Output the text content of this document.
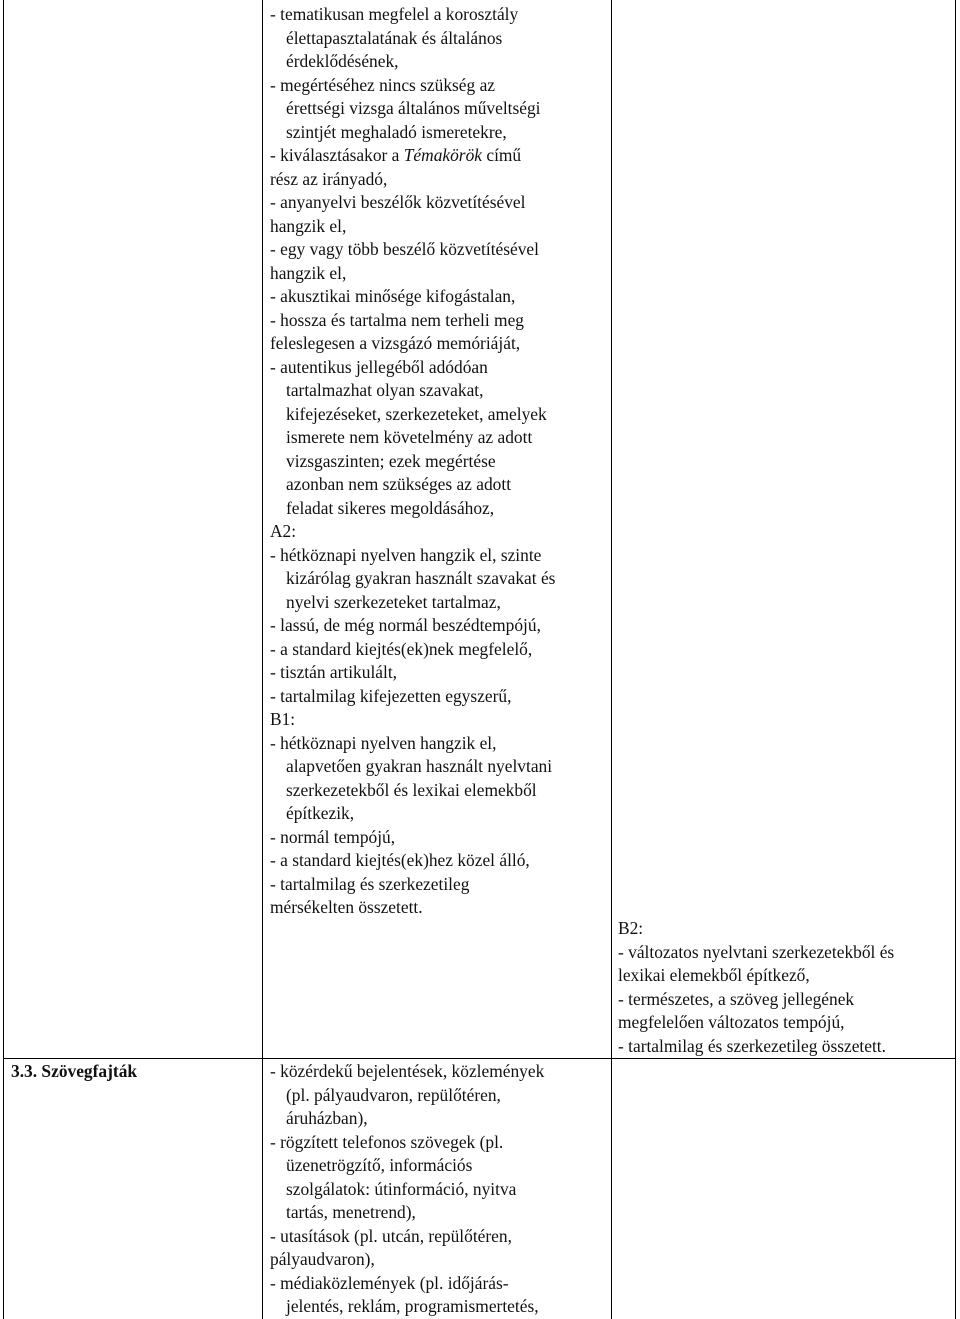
- tematikusan megfelel a korosztály
élettapasztalatának és általános
érdeklődésének,
- megértéséhez nincs szükség az
érettségi vizsga általános műveltségi
szintjét meghaladó ismeretekre,
- kiválasztásakor a Témakörök című
rész az irányadó,
- anyanyelvi beszélők közvetítésével
hangzik el,
- egy vagy több beszélő közvetítésével
hangzik el,
- akusztikai minősége kifogástalan,
- hossza és tartalma nem terheli meg
feleslegesen a vizsgázó memóriáját,
- autentikus jellegéből adódóan
tartalmazhat olyan szavakat,
kifejezéseket, szerkezeteket, amelyek
ismerete nem követelmény az adott
vizsgaszinten; ezek megértése
azonban nem szükséges az adott
feladat sikeres megoldásához,
A2:
- hétköznapi nyelven hangzik el, szinte
kizárólag gyakran használt szavakat és
nyelvi szerkezeteket tartalmaz,
- lassú, de még normál beszédtempójú,
- a standard kiejtés(ek)nek megfelelő,
- tisztán artikulált,
- tartalmilag kifejezetten egyszerű,
B1:
- hétköznapi nyelven hangzik el,
alapvetően gyakran használt nyelvtani
szerkezetekből és lexikai elemekből
építkezik,
- normál tempójú,
- a standard kiejtés(ek)hez közel álló,
- tartalmilag és szerkezetileg
mérsékelten összetett.
B2:
- változatos nyelvtani szerkezetekből és
lexikai elemekből építkező,
- természetes, a szöveg jellegének
megfelelően változatos tempójú,
- tartalmilag és szerkezetileg összetett.
3.3. Szövegfajták	- közérdekű bejelentések, közlemények
(pl. pályaudvaron, repülőtéren,
áruházban),
- rögzített telefonos szövegek (pl.
üzenetrögzítő, információs
szolgálatok: útinformáció, nyitva
tartás, menetrend),
- utasítások (pl. utcán, repülőtéren,
pályaudvaron),
- médiaközlemények (pl. időjárás-
jelentés, reklám, programismertetés,
